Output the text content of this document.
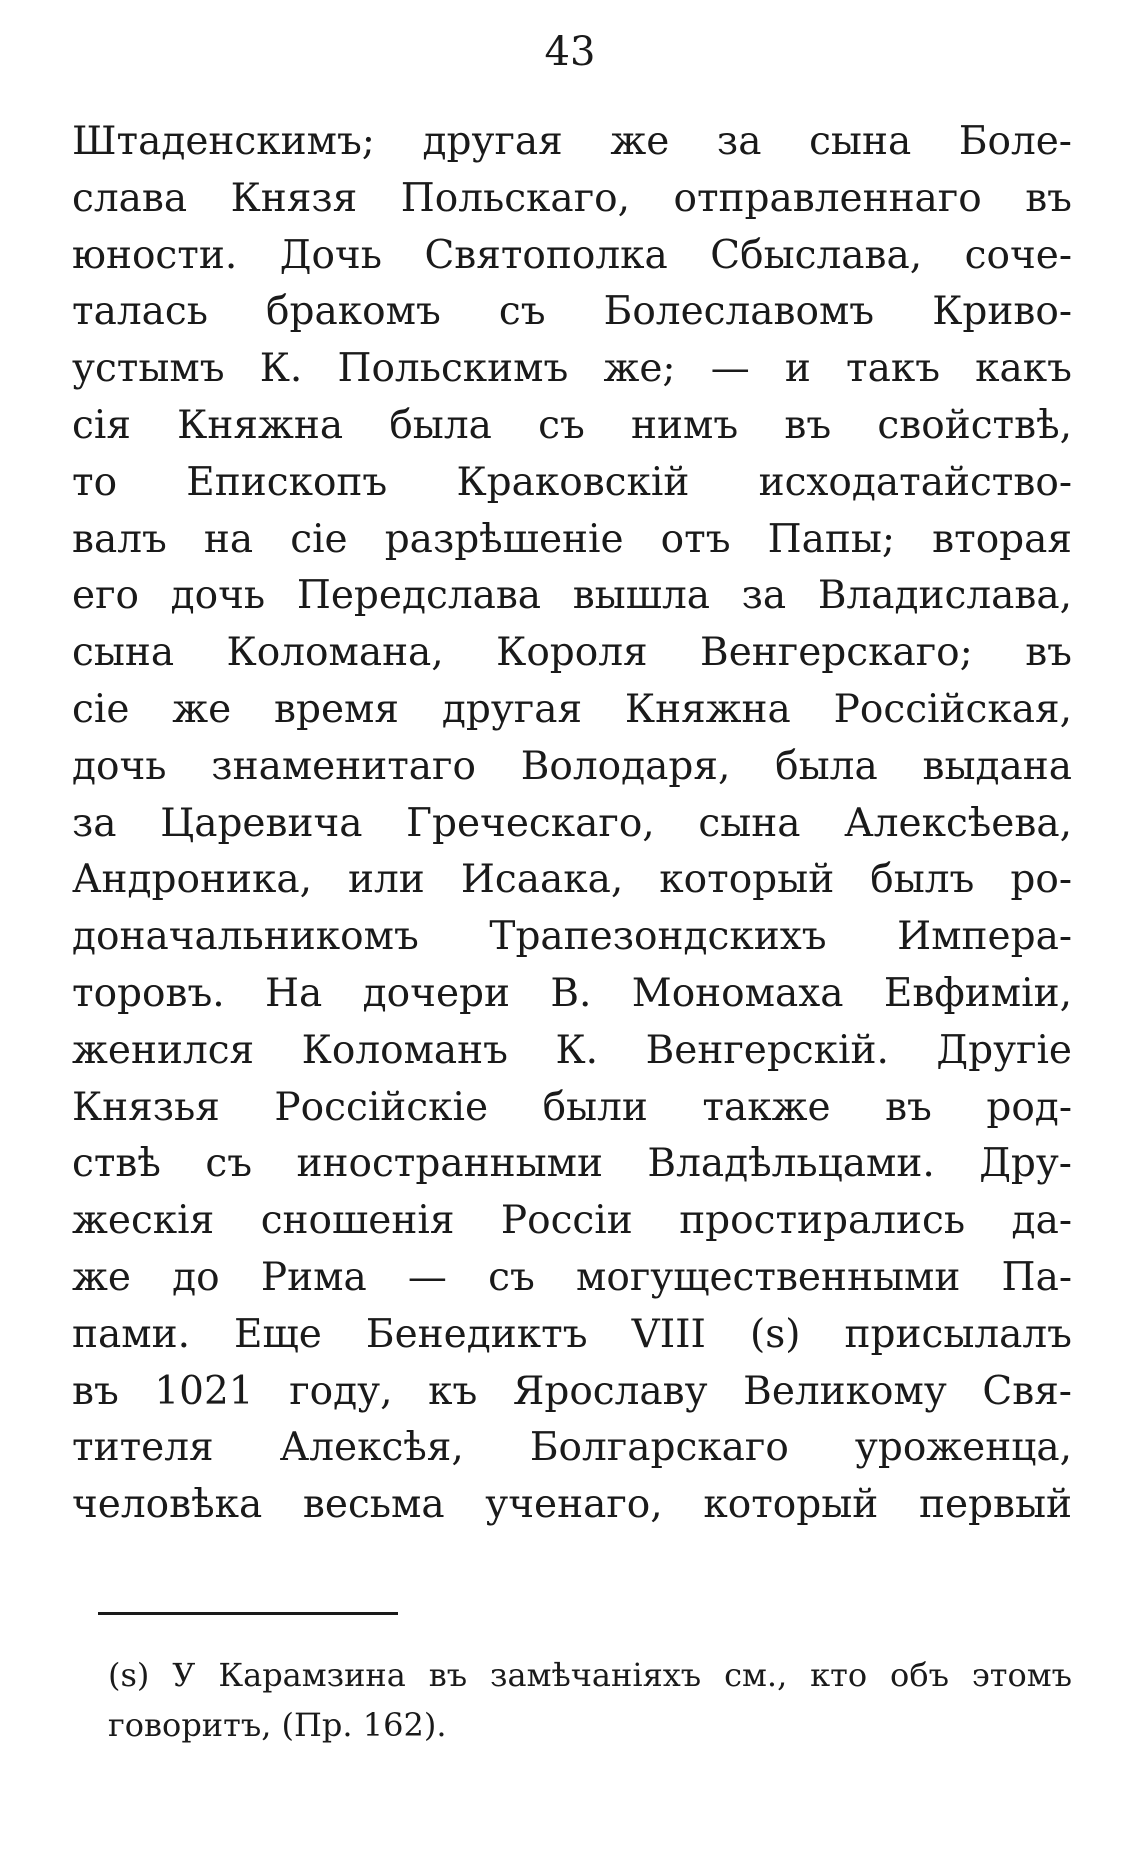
43
Штаденскимъ; другая же за сына Боле-
слава Князя Польскаго, отправленнаго въ
юности. Дочь Святополка Сбыслава, соче-
талась бракомъ съ Болеславомъ Криво-
устымъ К. Польскимъ же; — и такъ какъ
сія Княжна была съ нимъ въ свойствѣ,
то Епископъ Краковскій исходатайство-
валъ на сіе разрѣшеніе отъ Папы; вторая
его дочь Передслава вышла за Владислава,
сына Коломана, Короля Венгерскаго; въ
сіе же время другая Княжна Россійская,
дочь знаменитаго Володаря, была выдана
за Царевича Греческаго, сына Алексѣева,
Андроника, или Исаака, который былъ ро-
доначальникомъ Трапезондскихъ Импера-
торовъ. На дочери В. Мономаха Евфиміи,
женился Коломанъ К. Венгерскій. Другіе
Князья Россійскіе были также въ род-
ствѣ съ иностранными Владѣльцами. Дру-
жескія сношенія Россіи простирались да-
же до Рима — съ могущественными Па-
пами. Еще Бенедиктъ VIII (s) присылалъ
въ 1021 году, къ Ярославу Великому Свя-
тителя Алексѣя, Болгарскаго уроженца,
человѣка весьма ученаго, который первый
(s) У Карамзина въ замѣчаніяхъ см., кто объ этомъ
говоритъ, (Пр. 162).
